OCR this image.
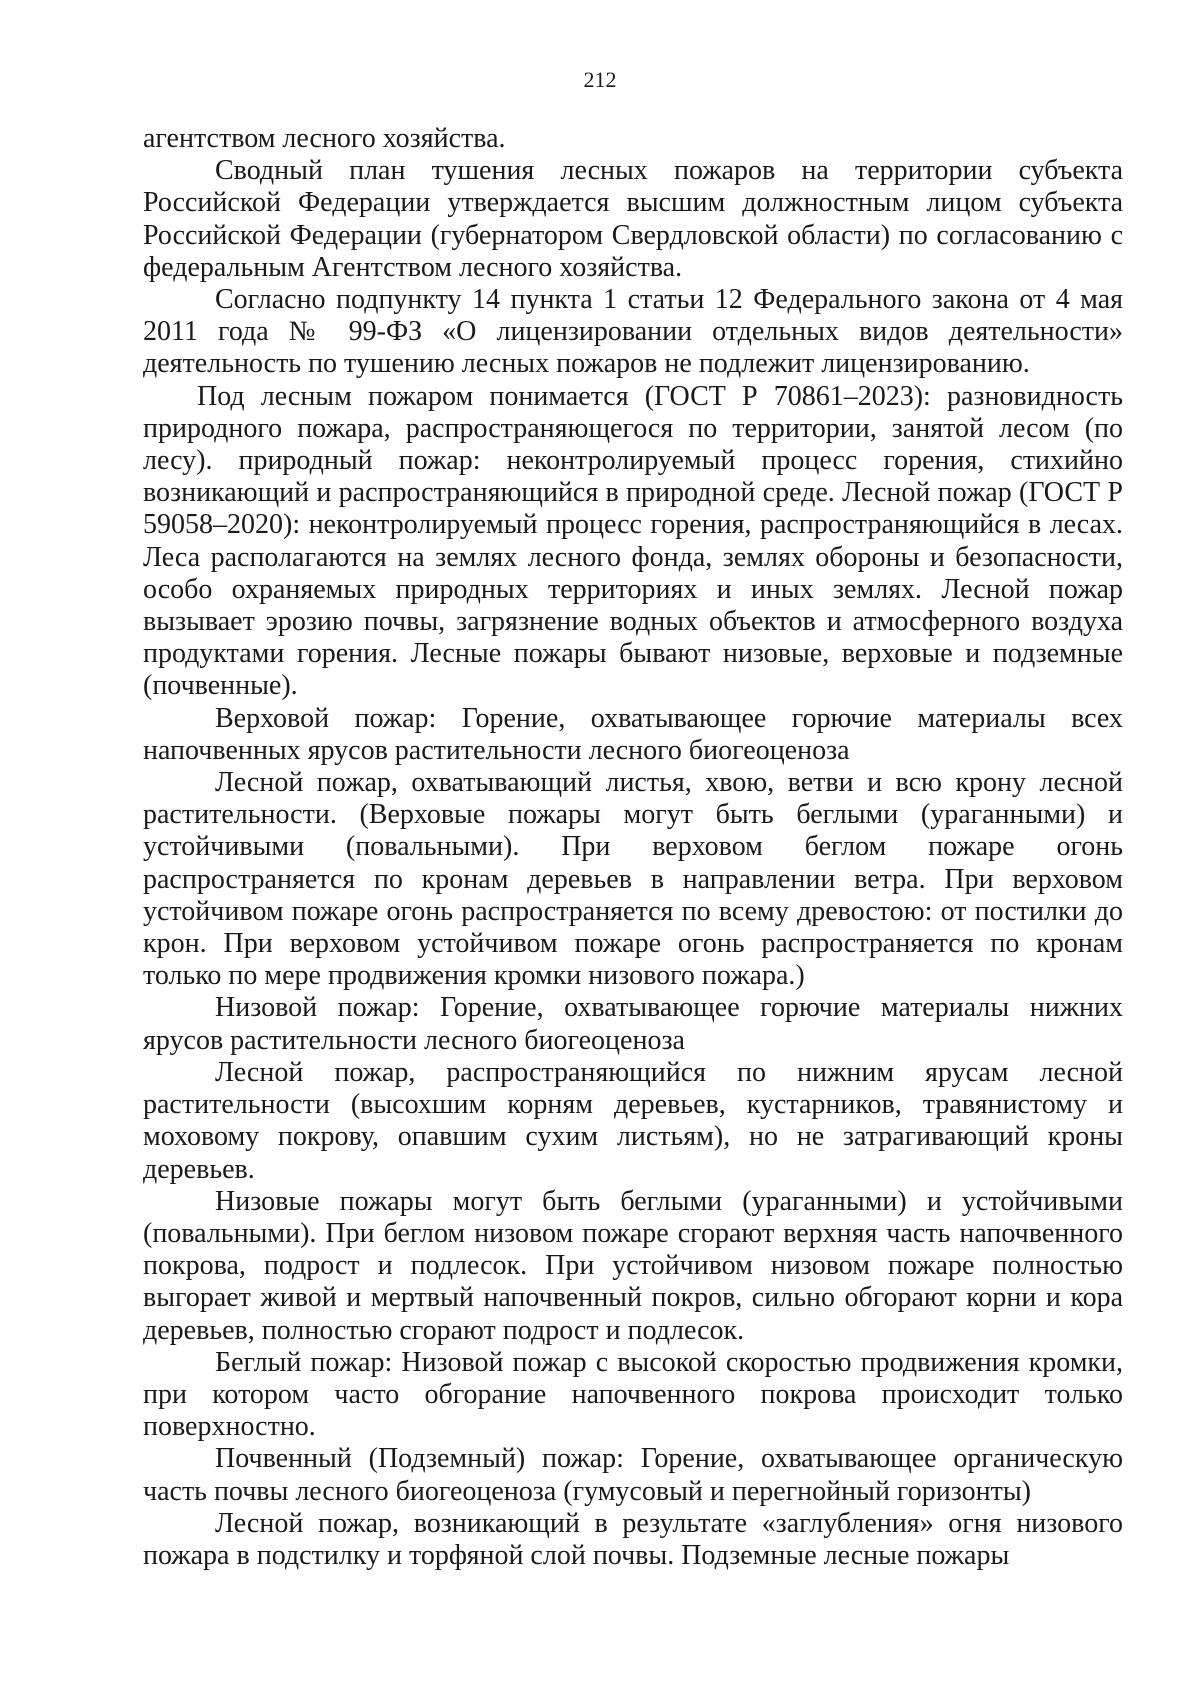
212

агентством лесного хозяйства.

Сводный план тушения лесных пожаров на территории субъекта Российской Федерации утверждается высшим должностным лицом субъекта Российской Федерации (губернатором Свердловской области) по согласованию с федеральным Агентством лесного хозяйства.

Согласно подпункту 14 пункта 1 статьи 12 Федерального закона от 4 мая 2011 года № 99-ФЗ «О лицензировании отдельных видов деятельности» деятельность по тушению лесных пожаров не подлежит лицензированию.

Под лесным пожаром понимается (ГОСТ Р 70861–2023): разновидность природного пожара, распространяющегося по территории, занятой лесом (по лесу). природный пожар: неконтролируемый процесс горения, стихийно возникающий и распространяющийся в природной среде. Лесной пожар (ГОСТ Р 59058–2020): неконтролируемый процесс горения, распространяющийся в лесах. Леса располагаются на землях лесного фонда, землях обороны и безопасности, особо охраняемых природных территориях и иных землях. Лесной пожар вызывает эрозию почвы, загрязнение водных объектов и атмосферного воздуха продуктами горения. Лесные пожары бывают низовые, верховые и подземные (почвенные).

Верховой пожар: Горение, охватывающее горючие материалы всех напочвенных ярусов растительности лесного биогеоценоза

Лесной пожар, охватывающий листья, хвою, ветви и всю крону лесной растительности. (Верховые пожары могут быть беглыми (ураганными) и устойчивыми (повальными). При верховом беглом пожаре огонь распространяется по кронам деревьев в направлении ветра. При верховом устойчивом пожаре огонь распространяется по всему древостою: от постилки до крон. При верховом устойчивом пожаре огонь распространяется по кронам только по мере продвижения кромки низового пожара.)

Низовой пожар: Горение, охватывающее горючие материалы нижних ярусов растительности лесного биогеоценоза

Лесной пожар, распространяющийся по нижним ярусам лесной растительности (высохшим корням деревьев, кустарников, травянистому и моховому покрову, опавшим сухим листьям), но не затрагивающий кроны деревьев.

Низовые пожары могут быть беглыми (ураганными) и устойчивыми (повальными). При беглом низовом пожаре сгорают верхняя часть напочвенного покрова, подрост и подлесок. При устойчивом низовом пожаре полностью выгорает живой и мертвый напочвенный покров, сильно обгорают корни и кора деревьев, полностью сгорают подрост и подлесок.

Беглый пожар: Низовой пожар с высокой скоростью продвижения кромки, при котором часто обгорание напочвенного покрова происходит только поверхностно.

Почвенный (Подземный) пожар: Горение, охватывающее органическую часть почвы лесного биогеоценоза (гумусовый и перегнойный горизонты)

Лесной пожар, возникающий в результате «заглубления» огня низового пожара в подстилку и торфяной слой почвы. Подземные лесные пожары
